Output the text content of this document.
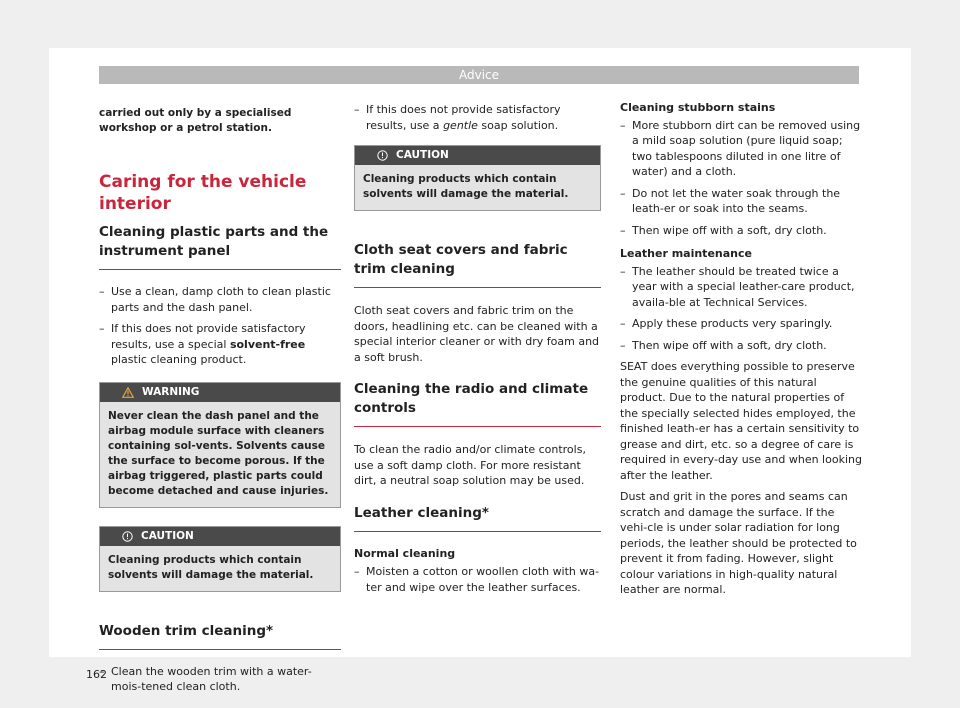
Advice

carried out only by a specialised workshop or a petrol station.

Caring for the vehicle interior
Cleaning plastic parts and the instrument panel
– Use a clean, damp cloth to clean plastic parts and the dash panel.
– If this does not provide satisfactory results, use a special solvent-free plastic cleaning product.
WARNING
Never clean the dash panel and the airbag module surface with cleaners containing sol-vents. Solvents cause the surface to become porous. If the airbag triggered, plastic parts could become detached and cause injuries.
CAUTION
Cleaning products which contain solvents will damage the material.
Wooden trim cleaning*
– Clean the wooden trim with a water-mois-tened clean cloth.
– If this does not provide satisfactory results, use a gentle soap solution.
CAUTION
Cleaning products which contain solvents will damage the material.
Cloth seat covers and fabric trim cleaning

Cloth seat covers and fabric trim on the doors, headlining etc. can be cleaned with a special interior cleaner or with dry foam and a soft brush.

Cleaning the radio and climate controls

To clean the radio and/or climate controls, use a soft damp cloth. For more resistant dirt, a neutral soap solution may be used.

Leather cleaning*

Normal cleaning

– Moisten a cotton or woollen cloth with wa-ter and wipe over the leather surfaces.

Cleaning stubborn stains

– More stubborn dirt can be removed using a mild soap solution (pure liquid soap; two tablespoons diluted in one litre of water) and a cloth.
– Do not let the water soak through the leath-er or soak into the seams.
– Then wipe off with a soft, dry cloth.

Leather maintenance

– The leather should be treated twice a year with a special leather-care product, availa-ble at Technical Services.
– Apply these products very sparingly.
– Then wipe off with a soft, dry cloth.

SEAT does everything possible to preserve the genuine qualities of this natural product. Due to the natural properties of the specially selected hides employed, the finished leath-er has a certain sensitivity to grease and dirt, etc. so a degree of care is required in every-day use and when looking after the leather.

Dust and grit in the pores and seams can scratch and damage the surface. If the vehi-cle is under solar radiation for long periods, the leather should be protected to prevent it from fading. However, slight colour variations in high-quality natural leather are normal.

162
